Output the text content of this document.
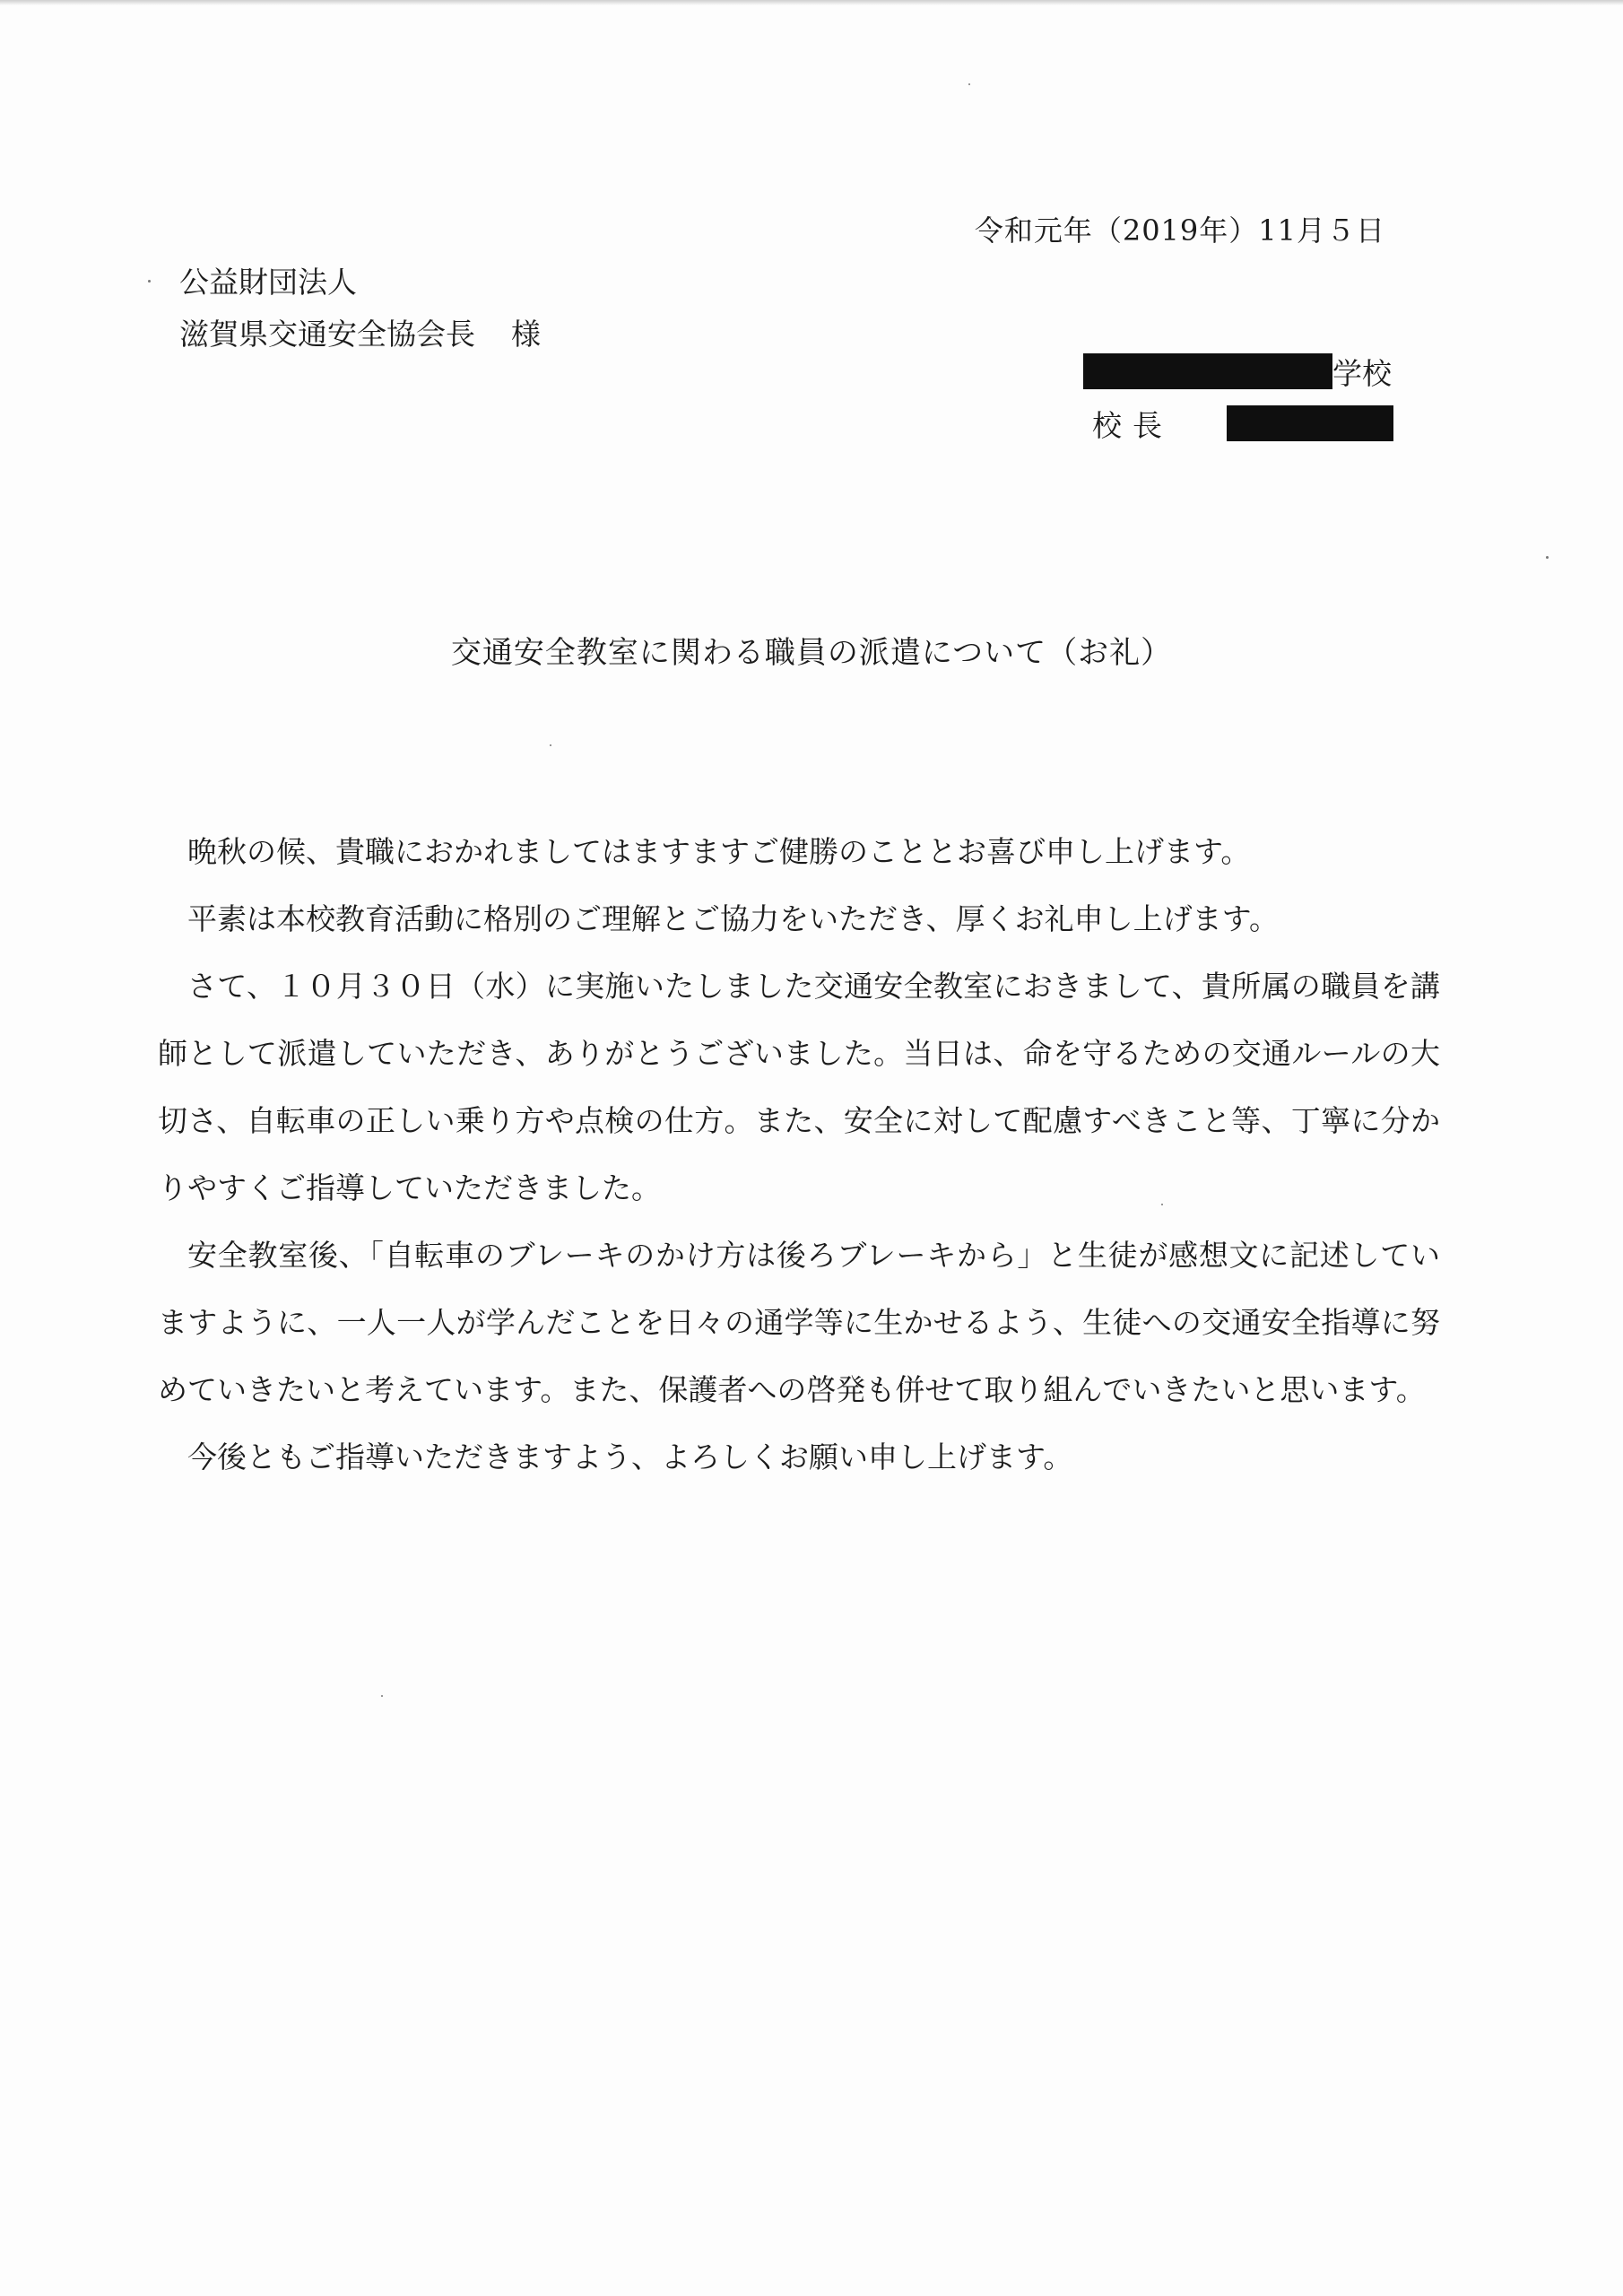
令和元年（2019年）11月５日
公益財団法人
滋賀県交通安全協会長 様
学校
校長
交通安全教室に関わる職員の派遣について（お礼）

晩秋の候、貴職におかれましてはますますご健勝のこととお喜び申し上げます。

平素は本校教育活動に格別のご理解とご協力をいただき、厚くお礼申し上げます。

さて、１０月３０日（水）に実施いたしました交通安全教室におきまして、貴所属の職員を講師として派遣していただき、ありがとうございました。当日は、命を守るための交通ルールの大切さ、自転車の正しい乗り方や点検の仕方。また、安全に対して配慮すべきこと等、丁寧に分かりやすくご指導していただきました。

安全教室後、「自転車のブレーキのかけ方は後ろブレーキから」と生徒が感想文に記述していますように、一人一人が学んだことを日々の通学等に生かせるよう、生徒への交通安全指導に努めていきたいと考えています。また、保護者への啓発も併せて取り組んでいきたいと思います。

今後ともご指導いただきますよう、よろしくお願い申し上げます。
